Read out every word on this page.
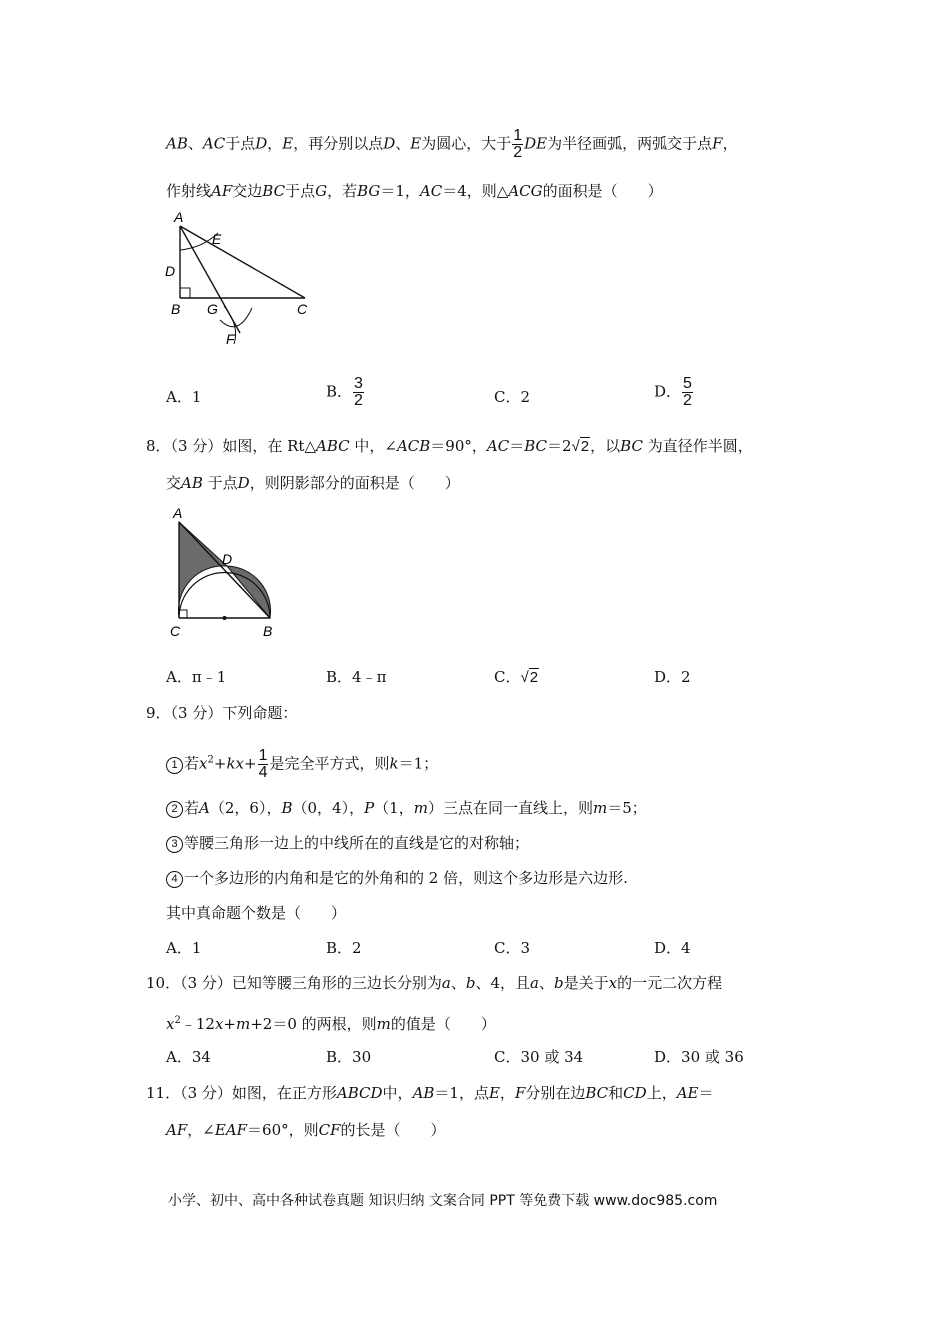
AB、AC于点D，E，再分别以点D、E为圆心，大于 $\frac{1}{2}$ DE为半径画弧，两弧交于点F，
作射线AF交边BC于点G，若BG＝1，AC＝4，则△ACG的面积是（　　）
A
E
D
B G	C
F
A．1	B． $\frac{3}{2}$	C．2	D． $\frac{5}{2}$
8．（3 分）如图，在 Rt△ABC 中，∠ACB＝90°，AC＝BC＝2√2，以BC 为直径作半圆，
交AB 于点D，则阴影部分的面积是（　　）
A
D
C	B
A．π﹣1	B．4﹣π	C．√2	D．2
9．（3 分）下列命题：
1 若$x^2+kx+ \frac{1}{4}$ 是完全平方式，则k＝1；
2 若A（2，6），B（0，4），P（1，m）三点在同一直线上，则m＝5；
3 等腰三角形一边上的中线所在的直线是它的对称轴；
4 一个多边形的内角和是它的外角和的 2 倍，则这个多边形是六边形.
其中真命题个数是（　　）
A．1	B．2	C．3	D．4
10．（3 分）已知等腰三角形的三边长分别为a、b、4，且a、b是关于x的一元二次方程
$x^2﹣12x+m+2=0$ 的两根，则m的值是（　　）
A．34	B．30	C．30 或 34	D．30 或 36
11．（3 分）如图，在正方形ABCD中，AB＝1，点E，F分别在边BC和CD上，AE＝
AF，∠EAF＝60°，则CF的长是（　　）
小学、初中、高中各种试卷真题 知识归纳 文案合同 PPT 等免费下载 www.doc985.com
